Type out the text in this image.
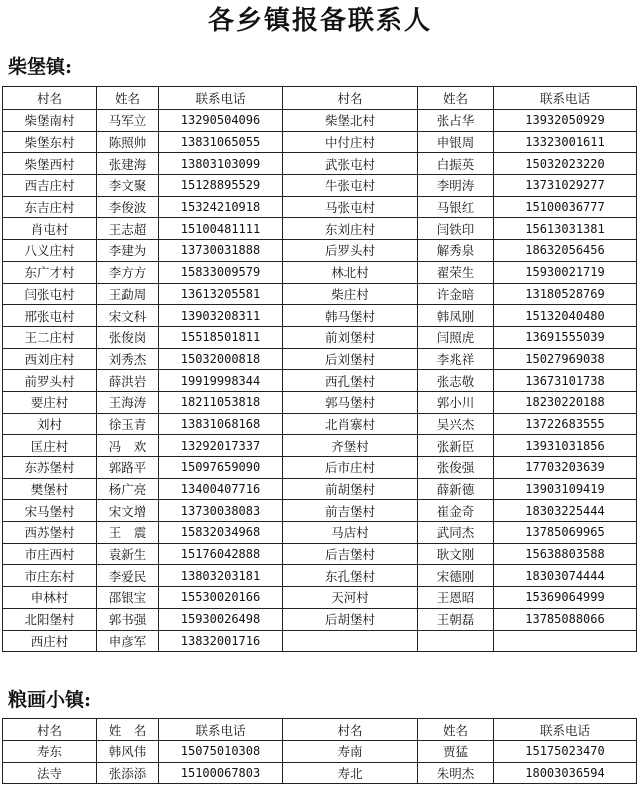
各乡镇报备联系人
柴堡镇:
村名	姓名	联系电话	村名	姓名	联系电话
柴堡南村	马军立	13290504096	柴堡北村	张占华	13932050929
柴堡东村	陈照帅	13831065055	中付庄村	申银周	13323001611
柴堡西村	张建海	13803103099	武张屯村	白振英	15032023220
西吉庄村	李文聚	15128895529	牛张屯村	李明涛	13731029277
东吉庄村	李俊波	15324210918	马张屯村	马银红	15100036777
肖屯村	王志超	15100481111	东刘庄村	闫铁印	15613031381
八义庄村	李建为	13730031888	后罗头村	解秀泉	18632056456
东广才村	李方方	15833009579	林北村	翟荣生	15930021719
闫张屯村	王勐周	13613205581	柴庄村	许金暗	13180528769
邢张屯村	宋文科	13903208311	韩马堡村	韩凤刚	15132040480
王二庄村	张俊岗	15518501811	前刘堡村	闫照虎	13691555039
西刘庄村	刘秀杰	15032000818	后刘堡村	李兆祥	15027969038
前罗头村	薛洪岩	19919998344	西孔堡村	张志敬	13673101738
要庄村	王海涛	18211053818	郭马堡村	郭小川	18230220188
刘村	徐玉青	13831068168	北肖寨村	吴兴杰	13722683555
匡庄村	冯　欢	13292017337	齐堡村	张新臣	13931031856
东苏堡村	郭路平	15097659090	后市庄村	张俊强	17703203639
樊堡村	杨广亮	13400407716	前胡堡村	薛新德	13903109419
宋马堡村	宋文增	13730038083	前吉堡村	崔金奇	18303225444
西苏堡村	王　震	15832034968	马店村	武同杰	13785069965
市庄西村	袁新生	15176042888	后吉堡村	耿文刚	15638803588
市庄东村	李爱民	13803203181	东孔堡村	宋德刚	18303074444
申林村	邵银宝	15530020166	天河村	王恩昭	15369064999
北阳堡村	郭书强	15930026498	后胡堡村	王朝磊	13785088066
西庄村	申彦军	13832001716			
粮画小镇:
村名	姓　名	联系电话	村名	姓名	联系电话
寿东	韩风伟	15075010308	寿南	贾猛	15175023470
法寺	张添添	15100067803	寿北	朱明杰	18003036594
